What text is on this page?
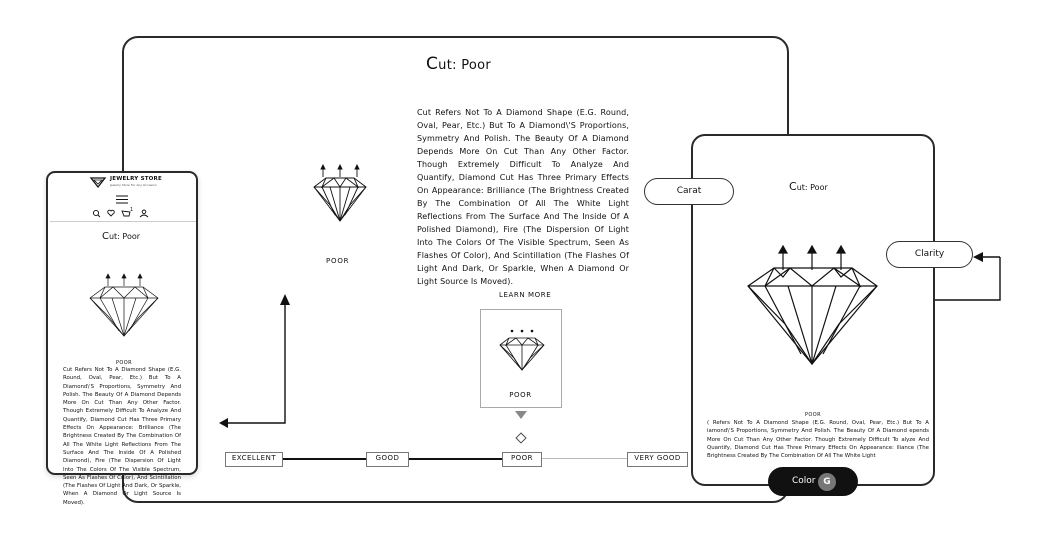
Cut: Poor
POOR
Cut Refers Not To A Diamond Shape (E.G. Round, Oval, Pear, Etc.) But To A Diamond\'S Proportions, Symmetry And Polish. The Beauty Of A Diamond Depends More On Cut Than Any Other Factor. Though Extremely Difficult To Analyze And Quantify, Diamond Cut Has Three Primary Effects On Appearance: Brilliance (The Brightness Created By The Combination Of All The White Light Reflections From The Surface And The Inside Of A Polished Diamond), Fire (The Dispersion Of Light Into The Colors Of The Visible Spectrum, Seen As Flashes Of Color), And Scintillation (The Flashes Of Light And Dark, Or Sparkle, When A Diamond Or Light Source Is Moved).
LEARN MORE
POOR
EXCELLENT	GOOD	POOR	VERY GOOD
JEWELRY STORE
Jewelry Store For Any Occasion
1
Cut: Poor
POOR
Cut Refers Not To A Diamond Shape (E.G. Round, Oval, Pear, Etc.) But To A Diamond\'S Proportions, Symmetry And Polish. The Beauty Of A Diamond Depends More On Cut Than Any Other Factor. Though Extremely Difficult To Analyze And Quantify, Diamond Cut Has Three Primary Effects On Appearance: Brilliance (The Brightness Created By The Combination Of All The White Light Reflections From The Surface And The Inside Of A Polished Diamond), Fire (The Dispersion Of Light Into The Colors Of The Visible Spectrum, Seen As Flashes Of Color), And Scintillation (The Flashes Of Light And Dark, Or Sparkle, When A Diamond Or Light Source Is Moved).
Cut: Poor
POOR
( Refers Not To A Diamond Shape (E.G. Round, Oval, Pear, Etc.) But To A iamond\'S Proportions, Symmetry And Polish. The Beauty Of A Diamond epends More On Cut Than Any Other Factor. Though Extremely Difficult To alyze And Quantify, Diamond Cut Has Three Primary Effects On Appearance: lliance (The Brightness Created By The Combination Of All The White Light
Carat
Clarity
Color G
